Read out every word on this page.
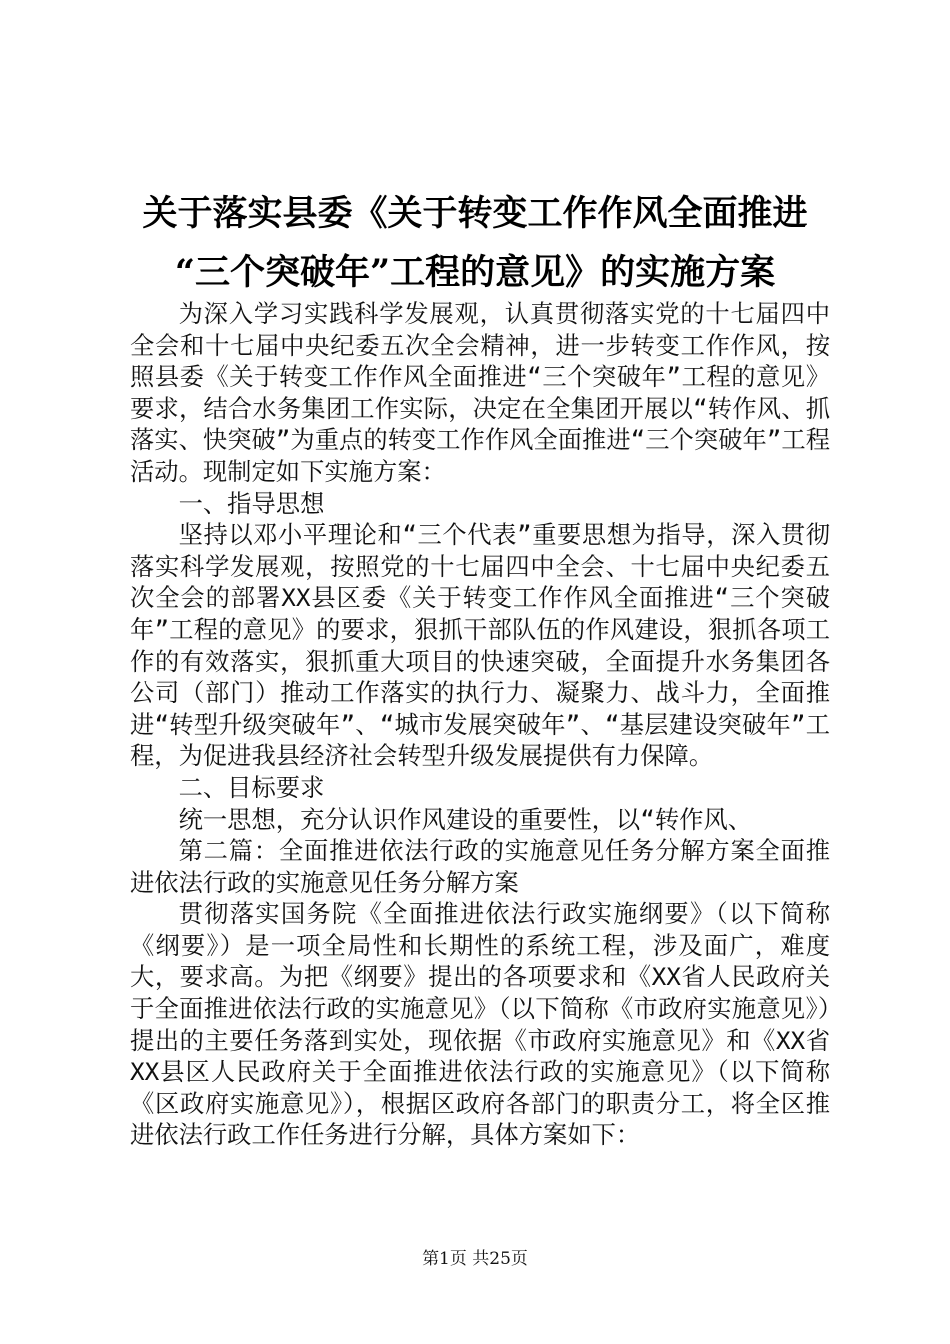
关于落实县委《关于转变工作作风全面推进
“三个突破年”工程的意见》的实施方案

为深入学习实践科学发展观，认真贯彻落实党的十七届四中全会和十七届中央纪委五次全会精神，进一步转变工作作风，按照县委《关于转变工作作风全面推进“三个突破年”工程的意见》要求，结合水务集团工作实际，决定在全集团开展以“转作风、抓落实、快突破”为重点的转变工作作风全面推进“三个突破年”工程活动。现制定如下实施方案：

一、指导思想

坚持以邓小平理论和“三个代表”重要思想为指导，深入贯彻落实科学发展观，按照党的十七届四中全会、十七届中央纪委五次全会的部署XX县区委《关于转变工作作风全面推进“三个突破年”工程的意见》的要求，狠抓干部队伍的作风建设，狠抓各项工作的有效落实，狠抓重大项目的快速突破，全面提升水务集团各公司（部门）推动工作落实的执行力、凝聚力、战斗力，全面推进“转型升级突破年”、“城市发展突破年”、“基层建设突破年”工程，为促进我县经济社会转型升级发展提供有力保障。

二、目标要求

统一思想，充分认识作风建设的重要性，以“转作风、

第二篇：全面推进依法行政的实施意见任务分解方案全面推进依法行政的实施意见任务分解方案

贯彻落实国务院《全面推进依法行政实施纲要》（以下简称《纲要》）是一项全局性和长期性的系统工程，涉及面广，难度大，要求高。为把《纲要》提出的各项要求和《XX省人民政府关于全面推进依法行政的实施意见》（以下简称《市政府实施意见》）提出的主要任务落到实处，现依据《市政府实施意见》和《XX省XX县区人民政府关于全面推进依法行政的实施意见》（以下简称《区政府实施意见》），根据区政府各部门的职责分工，将全区推进依法行政工作任务进行分解，具体方案如下：

第1页 共25页
